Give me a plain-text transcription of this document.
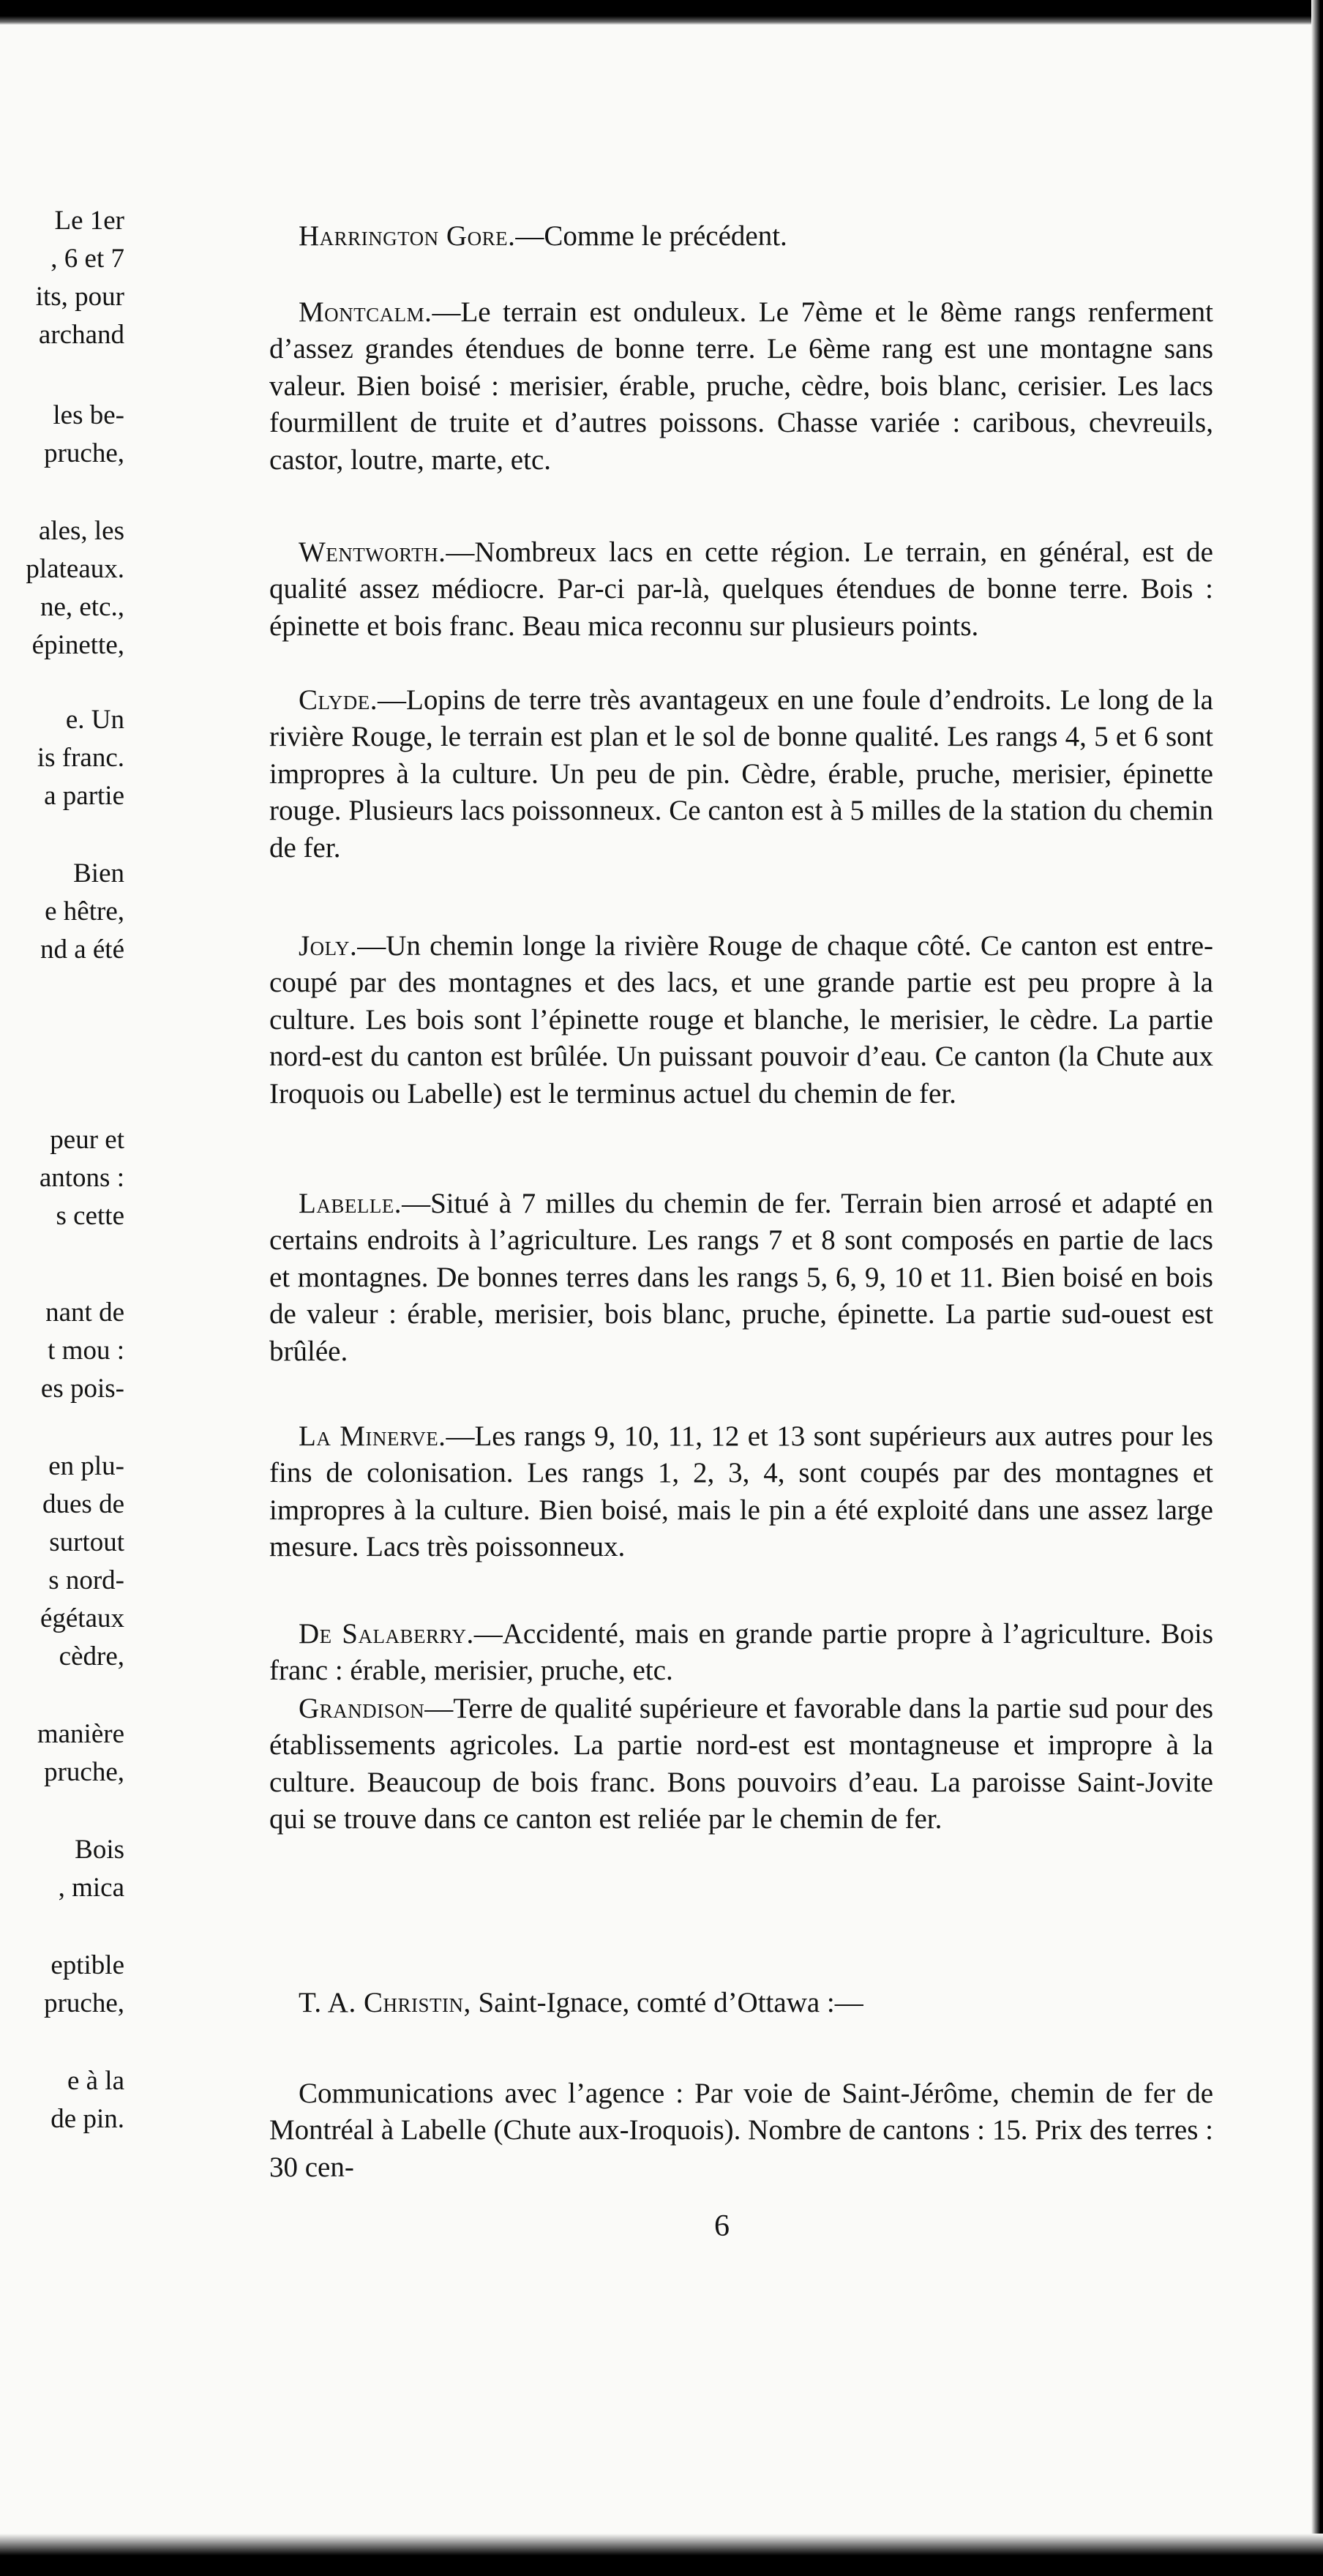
Le 1er
, 6 et 7
its, pour
archand
les be-
pruche,
ales, les
plateaux.
ne, etc.,
épinette,
e. Un
is franc.
a partie
Bien
e hêtre,
nd a été
peur et
antons :
s cette
nant de
t mou :
es pois-
en plu-
dues de
surtout
s nord-
égétaux
cèdre,
manière
pruche,
Bois
, mica
eptible
pruche,
e à la
de pin.
6

Harrington Gore.—Comme le précédent.

Montcalm.—Le terrain est onduleux. Le 7ème et le 8ème rangs renferment d’assez grandes étendues de bonne terre. Le 6ème rang est une montagne sans valeur. Bien boisé : merisier, érable, pruche, cèdre, bois blanc, cerisier. Les lacs fourmillent de truite et d’autres poissons. Chasse variée : caribous, chevreuils, castor, loutre, marte, etc.

Wentworth.—Nombreux lacs en cette région. Le terrain, en général, est de qualité assez médiocre. Par-ci par-là, quelques étendues de bonne terre. Bois : épinette et bois franc. Beau mica reconnu sur plusieurs points.

Clyde.—Lopins de terre très avantageux en une foule d’endroits. Le long de la rivière Rouge, le terrain est plan et le sol de bonne qualité. Les rangs 4, 5 et 6 sont impropres à la culture. Un peu de pin. Cèdre, érable, pruche, merisier, épinette rouge. Plusieurs lacs poissonneux. Ce canton est à 5 milles de la station du chemin de fer.

Joly.—Un chemin longe la rivière Rouge de chaque côté. Ce canton est entre-coupé par des montagnes et des lacs, et une grande partie est peu propre à la culture. Les bois sont l’épinette rouge et blanche, le merisier, le cèdre. La partie nord-est du canton est brûlée. Un puissant pouvoir d’eau. Ce canton (la Chute aux Iroquois ou Labelle) est le terminus actuel du chemin de fer.

Labelle.—Situé à 7 milles du chemin de fer. Terrain bien arrosé et adapté en certains endroits à l’agriculture. Les rangs 7 et 8 sont composés en partie de lacs et montagnes. De bonnes terres dans les rangs 5, 6, 9, 10 et 11. Bien boisé en bois de valeur : érable, merisier, bois blanc, pruche, épinette. La partie sud-ouest est brûlée.

La Minerve.—Les rangs 9, 10, 11, 12 et 13 sont supérieurs aux autres pour les fins de colonisation. Les rangs 1, 2, 3, 4, sont coupés par des montagnes et impropres à la culture. Bien boisé, mais le pin a été exploité dans une assez large mesure. Lacs très poissonneux.

De Salaberry.—Accidenté, mais en grande partie propre à l’agriculture. Bois franc : érable, merisier, pruche, etc.

Grandison—Terre de qualité supérieure et favorable dans la partie sud pour des établissements agricoles. La partie nord-est est montagneuse et impropre à la culture. Beaucoup de bois franc. Bons pouvoirs d’eau. La paroisse Saint-Jovite qui se trouve dans ce canton est reliée par le chemin de fer.

T. A. Christin, Saint-Ignace, comté d’Ottawa :—

Communications avec l’agence : Par voie de Saint-Jérôme, chemin de fer de Montréal à Labelle (Chute aux-Iroquois). Nombre de cantons : 15. Prix des terres : 30 cen-
